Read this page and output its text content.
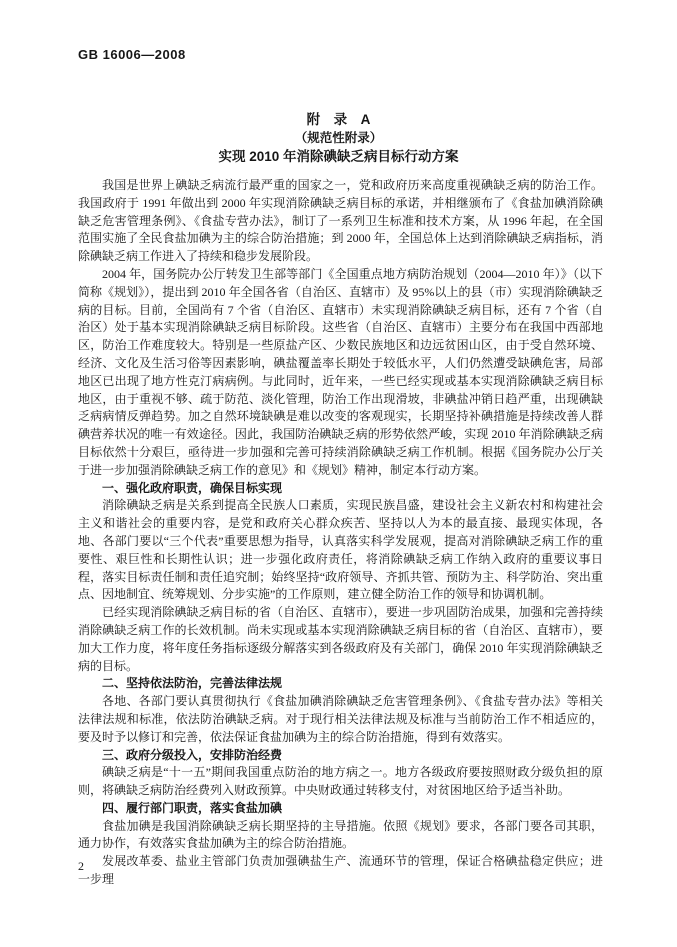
GB 16006—2008
附　录　A
（规范性附录）
实现 2010 年消除碘缺乏病目标行动方案

我国是世界上碘缺乏病流行最严重的国家之一，党和政府历来高度重视碘缺乏病的防治工作。我国政府于 1991 年做出到 2000 年实现消除碘缺乏病目标的承诺，并相继颁布了《食盐加碘消除碘缺乏危害管理条例》、《食盐专营办法》，制订了一系列卫生标准和技术方案，从 1996 年起，在全国范围实施了全民食盐加碘为主的综合防治措施；到 2000 年，全国总体上达到消除碘缺乏病指标，消除碘缺乏病工作进入了持续和稳步发展阶段。

2004 年，国务院办公厅转发卫生部等部门《全国重点地方病防治规划（2004—2010 年）》（以下简称《规划》），提出到 2010 年全国各省（自治区、直辖市）及 95%以上的县（市）实现消除碘缺乏病的目标。目前，全国尚有 7 个省（自治区、直辖市）未实现消除碘缺乏病目标，还有 7 个省（自治区）处于基本实现消除碘缺乏病目标阶段。这些省（自治区、直辖市）主要分布在我国中西部地区，防治工作难度较大。特别是一些原盐产区、少数民族地区和边远贫困山区，由于受自然环境、经济、文化及生活习俗等因素影响，碘盐覆盖率长期处于较低水平，人们仍然遭受缺碘危害，局部地区已出现了地方性克汀病病例。与此同时，近年来，一些已经实现或基本实现消除碘缺乏病目标地区，由于重视不够、疏于防范、淡化管理，防治工作出现滑坡，非碘盐冲销日趋严重，出现碘缺乏病病情反弹趋势。加之自然环境缺碘是难以改变的客观现实，长期坚持补碘措施是持续改善人群碘营养状况的唯一有效途径。因此，我国防治碘缺乏病的形势依然严峻，实现 2010 年消除碘缺乏病目标依然十分艰巨，亟待进一步加强和完善可持续消除碘缺乏病工作机制。根据《国务院办公厅关于进一步加强消除碘缺乏病工作的意见》和《规划》精神，制定本行动方案。

一、强化政府职责，确保目标实现

消除碘缺乏病是关系到提高全民族人口素质，实现民族昌盛，建设社会主义新农村和构建社会主义和谐社会的重要内容，是党和政府关心群众疾苦、坚持以人为本的最直接、最现实体现，各地、各部门要以“三个代表”重要思想为指导，认真落实科学发展观，提高对消除碘缺乏病工作的重要性、艰巨性和长期性认识；进一步强化政府责任，将消除碘缺乏病工作纳入政府的重要议事日程，落实目标责任制和责任追究制；始终坚持“政府领导、齐抓共管、预防为主、科学防治、突出重点、因地制宜、统筹规划、分步实施”的工作原则，建立健全防治工作的领导和协调机制。

已经实现消除碘缺乏病目标的省（自治区、直辖市），要进一步巩固防治成果，加强和完善持续消除碘缺乏病工作的长效机制。尚未实现或基本实现消除碘缺乏病目标的省（自治区、直辖市），要加大工作力度，将年度任务指标逐级分解落实到各级政府及有关部门，确保 2010 年实现消除碘缺乏病的目标。

二、坚持依法防治，完善法律法规

各地、各部门要认真贯彻执行《食盐加碘消除碘缺乏危害管理条例》、《食盐专营办法》等相关法律法规和标准，依法防治碘缺乏病。对于现行相关法律法规及标准与当前防治工作不相适应的，要及时予以修订和完善，依法保证食盐加碘为主的综合防治措施，得到有效落实。

三、政府分级投入，安排防治经费

碘缺乏病是“十一五”期间我国重点防治的地方病之一。地方各级政府要按照财政分级负担的原则，将碘缺乏病防治经费列入财政预算。中央财政通过转移支付，对贫困地区给予适当补助。

四、履行部门职责，落实食盐加碘

食盐加碘是我国消除碘缺乏病长期坚持的主导措施。依照《规划》要求，各部门要各司其职，通力协作，有效落实食盐加碘为主的综合防治措施。

发展改革委、盐业主管部门负责加强碘盐生产、流通环节的管理，保证合格碘盐稳定供应；进一步理

2
